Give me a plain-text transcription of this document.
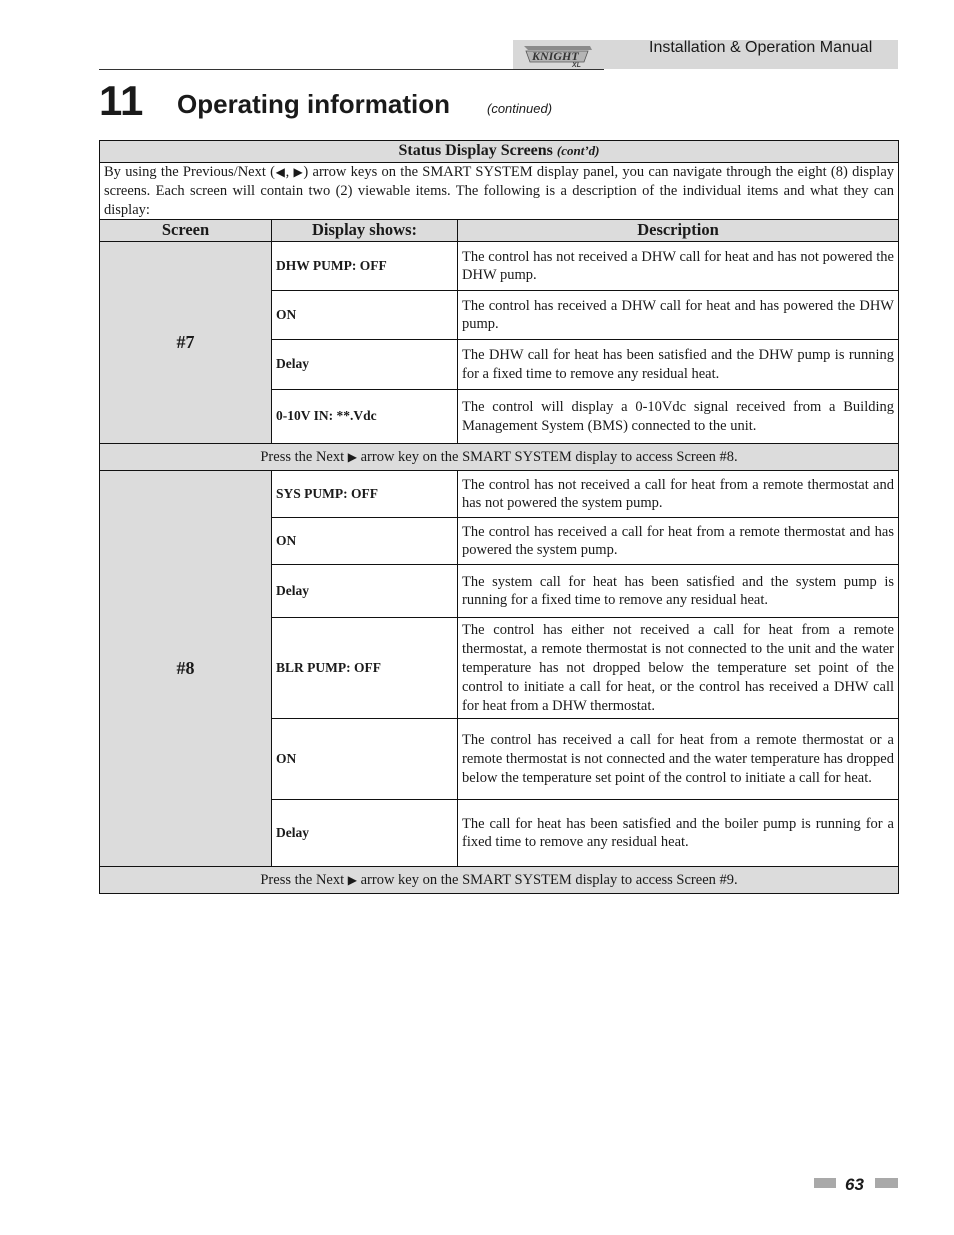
KNIGHT
XL
Installation & Operation Manual
11 Operating information	(continued)
Status Display Screens (cont’d)		
By using the Previous/Next (◀, ▶) arrow keys on the SMART SYSTEM display panel, you can navigate through the eight (8) display screens. Each screen will contain two (2) viewable items. The following is a description of the individual items and what they can display:		
Screen	Display shows:	Description
#7	DHW PUMP: OFF	The control has not received a DHW call for heat and has not powered the DHW pump.
	ON	The control has received a DHW call for heat and has powered the DHW pump.
	Delay	The DHW call for heat has been satisfied and the DHW pump is running for a fixed time to remove any residual heat.
	0-10V IN: **.Vdc	The control will display a 0-10Vdc signal received from a Building Management System (BMS) connected to the unit.
Press the Next ▶ arrow key on the SMART SYSTEM display to access Screen #8.		
#8	SYS PUMP: OFF	The control has not received a call for heat from a remote thermostat and has not powered the system pump.
	ON	The control has received a call for heat from a remote thermostat and has powered the system pump.
	Delay	The system call for heat has been satisfied and the system pump is running for a fixed time to remove any residual heat.
	BLR PUMP: OFF	The control has either not received a call for heat from a remote thermostat, a remote thermostat is not connected to the unit and the water temperature has not dropped below the temperature set point of the control to initiate a call for heat, or the control has received a DHW call for heat from a DHW thermostat.
	ON	The control has received a call for heat from a remote thermostat or a remote thermostat is not connected and the water temperature has dropped below the temperature set point of the control to initiate a call for heat.
	Delay	The call for heat has been satisfied and the boiler pump is running for a fixed time to remove any residual heat.
Press the Next ▶ arrow key on the SMART SYSTEM display to access Screen #9.		
63
